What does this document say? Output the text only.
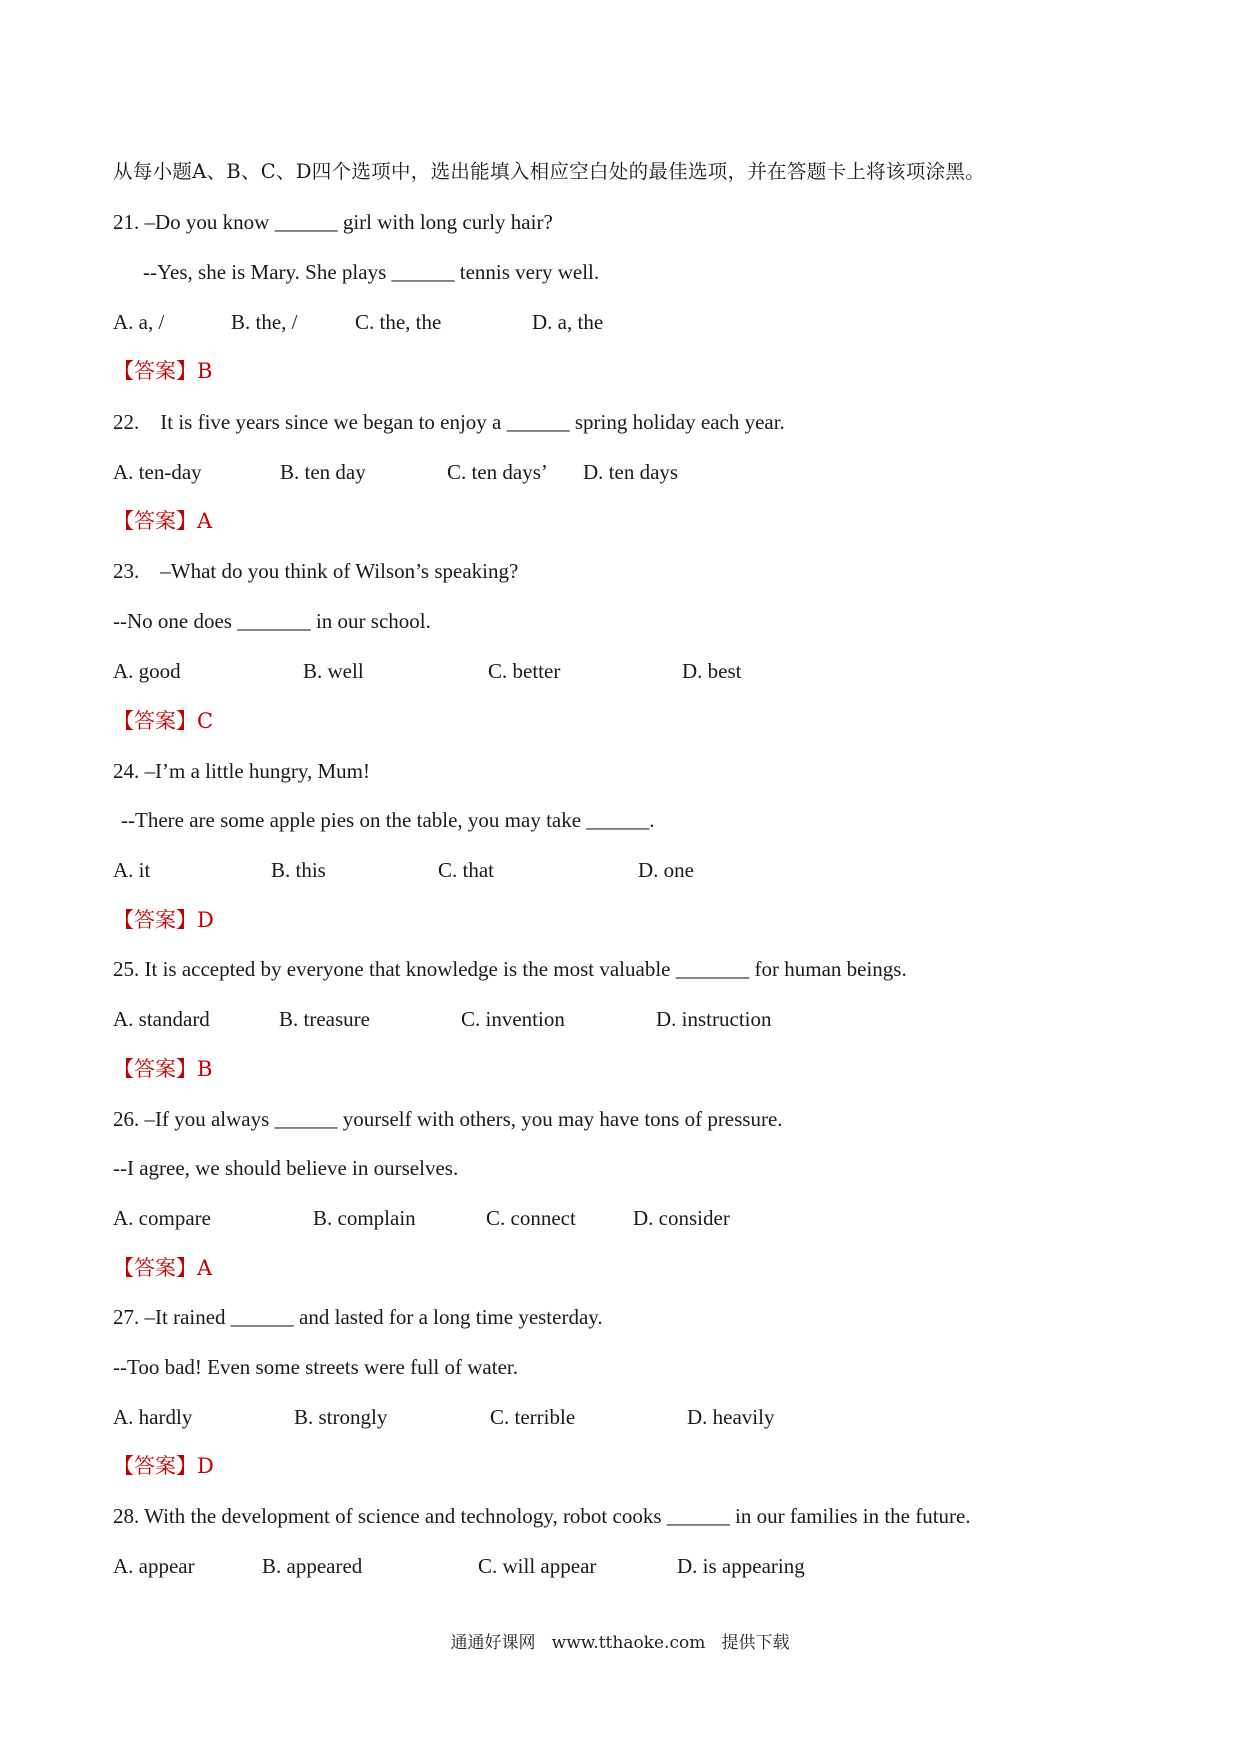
从每小题A、B、C、D四个选项中，选出能填入相应空白处的最佳选项，并在答题卡上将该项涂黑。
21. –Do you know ______ girl with long curly hair?
--Yes, she is Mary. She plays ______ tennis very well.
A. a, /	B. the, /	C. the, the	D. a, the
【答案】B
22.    It is five years since we began to enjoy a ______ spring holiday each year.
A. ten-day	B. ten day	C. ten days’ D. ten days
【答案】A
23.    –What do you think of Wilson’s speaking?
--No one does _______ in our school.
A. good	B. well	C. better	D. best
【答案】C
24. –I’m a little hungry, Mum!
--There are some apple pies on the table, you may take ______.
A. it	B. this	C. that	D. one
【答案】D
25. It is accepted by everyone that knowledge is the most valuable _______ for human beings.
A. standard	B. treasure	C. invention	D. instruction
【答案】B
26. –If you always ______ yourself with others, you may have tons of pressure.
--I agree, we should believe in ourselves.
A. compare	B. complain	C. connect	D. consider
【答案】A
27. –It rained ______ and lasted for a long time yesterday.
--Too bad! Even some streets were full of water.
A. hardly	B. strongly	C. terrible	D. heavily
【答案】D
28. With the development of science and technology, robot cooks ______ in our families in the future.
A. appear	B. appeared	C. will appear	D. is appearing
通通好课网   www.tthaoke.com   提供下载
